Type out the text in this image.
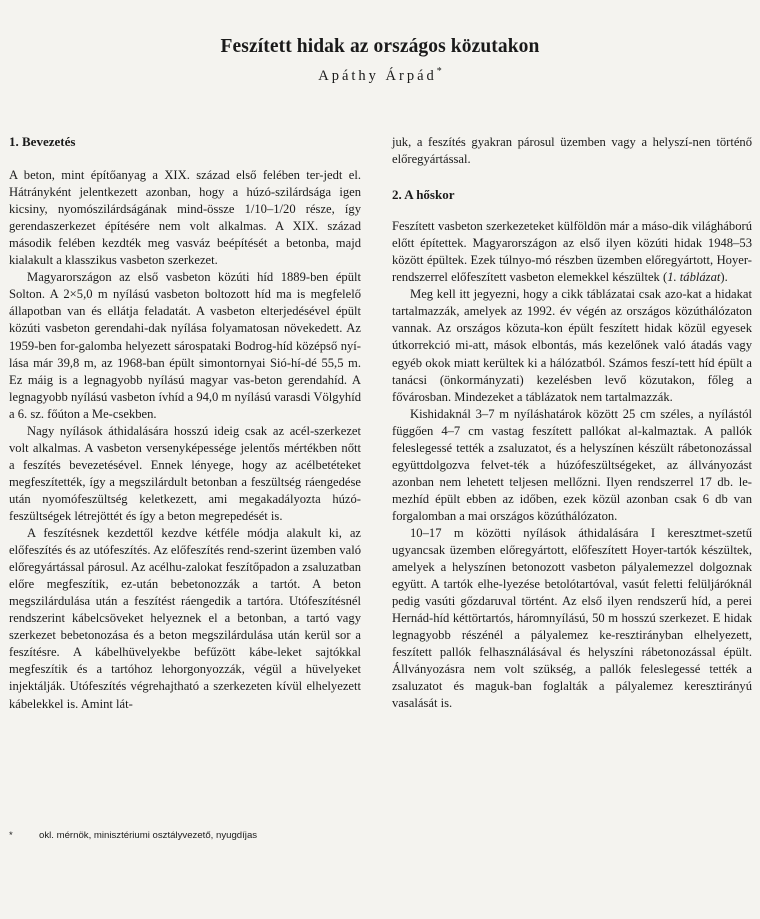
Feszített hidak az országos közutakon
Apáthy Árpád*
1. Bevezetés

A beton, mint építőanyag a XIX. század első felében ter-jedt el. Hátrányként jelentkezett azonban, hogy a húzó-szilárdsága igen kicsiny, nyomószilárdságának mind-össze 1/10–1/20 része, így gerendaszerkezet építésére nem volt alkalmas. A XIX. század második felében kezdték meg vasváz beépítését a betonba, majd kialakult a klasszikus vasbeton szerkezet.

Magyarországon az első vasbeton közúti híd 1889-ben épült Solton. A 2×5,0 m nyílású vasbeton boltozott híd ma is megfelelő állapotban van és ellátja feladatát. A vasbeton elterjedésével épült közúti vasbeton gerendahi-dak nyílása folyamatosan növekedett. Az 1959-ben for-galomba helyezett sárospataki Bodrog-híd középső nyí-lása már 39,8 m, az 1968-ban épült simontornyai Sió-hí-dé 55,5 m. Ez máig is a legnagyobb nyílású magyar vas-beton gerendahíd. A legnagyobb nyílású vasbeton ívhíd a 94,0 m nyílású varasdi Völgyhíd a 6. sz. főúton a Me-csekben.

Nagy nyílások áthidalására hosszú ideig csak az acél-szerkezet volt alkalmas. A vasbeton versenyképessége jelentős mértékben nőtt a feszítés bevezetésével. Ennek lényege, hogy az acélbetéteket megfeszítették, így a megszilárdult betonban a feszültség ráengedése után nyomófeszültség keletkezett, ami megakadályozta húzó-feszültségek létrejöttét és így a beton megrepedését is.

A feszítésnek kezdettől kezdve kétféle módja alakult ki, az előfeszítés és az utófeszítés. Az előfeszítés rend-szerint üzemben való előregyártással párosul. Az acélhu-zalokat feszítőpadon a zsaluzatban előre megfeszítik, ez-után bebetonozzák a tartót. A beton megszilárdulása után a feszítést ráengedik a tartóra. Utófeszítésnél rendszerint kábelcsöveket helyeznek el a betonban, a tartó vagy szerkezet bebetonozása és a beton megszilárdulása után kerül sor a feszítésre. A kábelhüvelyekbe befűzött kábe-leket sajtókkal megfeszítik és a tartóhoz lehorgonyozzák, végül a hüvelyeket injektálják. Utófeszítés végrehajtható a szerkezeten kívül elhelyezett kábelekkel is. Amint lát-

juk, a feszítés gyakran párosul üzemben vagy a helyszí-nen történő előregyártással.

2. A hőskor

Feszített vasbeton szerkezeteket külföldön már a máso-dik világháború előtt építettek. Magyarországon az első ilyen közúti hidak 1948–53 között épültek. Ezek túlnyo-mó részben üzemben előregyártott, Hoyer-rendszerrel előfeszített vasbeton elemekkel készültek (1. táblázat).

Meg kell itt jegyezni, hogy a cikk táblázatai csak azo-kat a hidakat tartalmazzák, amelyek az 1992. év végén az országos közúthálózaton vannak. Az országos közuta-kon épült feszített hidak közül egyesek útkorrekció mi-att, mások elbontás, más kezelőnek való átadás vagy egyéb okok miatt kerültek ki a hálózatból. Számos feszí-tett híd épült a tanácsi (önkormányzati) kezelésben levő közutakon, főleg a fővárosban. Mindezeket a táblázatok nem tartalmazzák.

Kishidaknál 3–7 m nyíláshatárok között 25 cm széles, a nyílástól függően 4–7 cm vastag feszített pallókat al-kalmaztak. A pallók feleslegessé tették a zsaluzatot, és a helyszínen készült rábetonozással együttdolgozva felvet-ték a húzófeszültségeket, az állványozást azonban nem lehetett teljesen mellőzni. Ilyen rendszerrel 17 db. le-mezhíd épült ebben az időben, ezek közül azonban csak 6 db van forgalomban a mai országos közúthálózaton.

10–17 m közötti nyílások áthidalására I keresztmet-szetű ugyancsak üzemben előregyártott, előfeszített Hoyer-tartók készültek, amelyek a helyszínen betonozott vasbeton pályalemezzel dolgoznak együtt. A tartók elhe-lyezése betolótartóval, vasút feletti felüljáróknál pedig vasúti gőzdaruval történt. Az első ilyen rendszerű híd, a perei Hernád-híd kéttörtartós, háromnyílású, 50 m hosszú szerkezet. E hidak legnagyobb részénél a pályalemez ke-resztirányban elhelyezett, feszített pallók felhasználásával és helyszíni rábetonozással épült. Állványozásra nem volt szükség, a pallók feleslegessé tették a zsaluzatot és maguk-ban foglalták a pályalemez keresztirányú vasalását is.

*	okl. mérnök, minisztériumi osztályvezető, nyugdíjas
